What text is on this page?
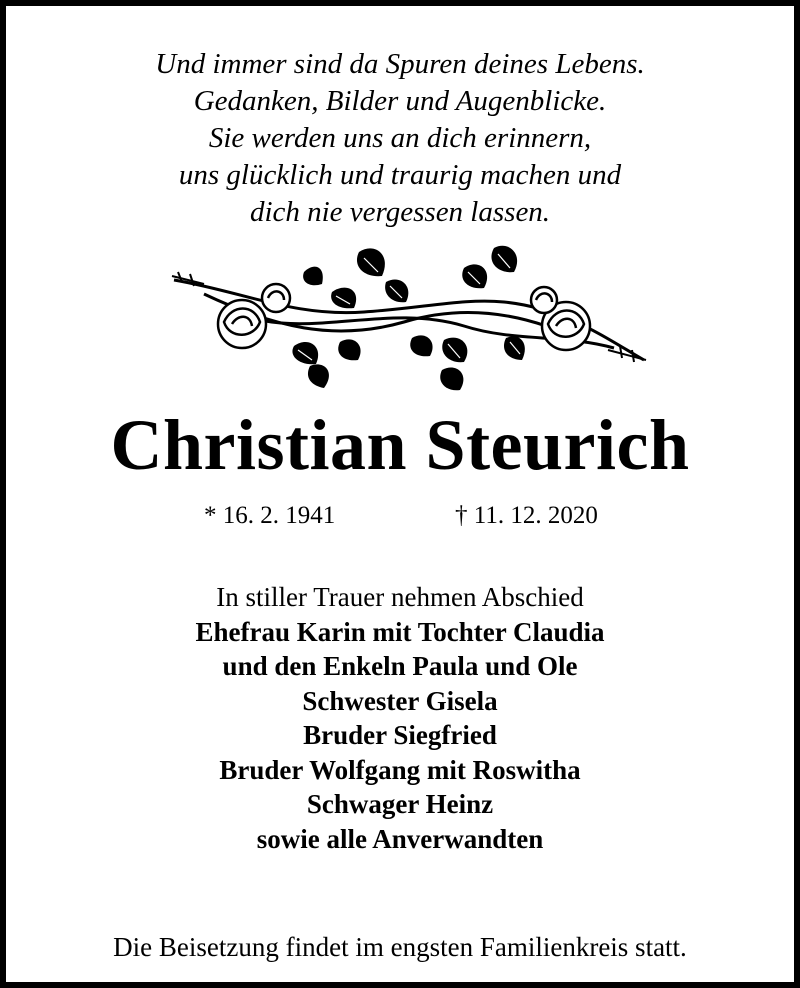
Und immer sind da Spuren deines Lebens.
Gedanken, Bilder und Augenblicke.
Sie werden uns an dich erinnern,
uns glücklich und traurig machen und
dich nie vergessen lassen.
Christian Steurich
* 16. 2. 1941	† 11. 12. 2020
In stiller Trauer nehmen Abschied
Ehefrau Karin mit Tochter Claudia
und den Enkeln Paula und Ole
Schwester Gisela
Bruder Siegfried
Bruder Wolfgang mit Roswitha
Schwager Heinz
sowie alle Anverwandten
Die Beisetzung findet im engsten Familienkreis statt.
